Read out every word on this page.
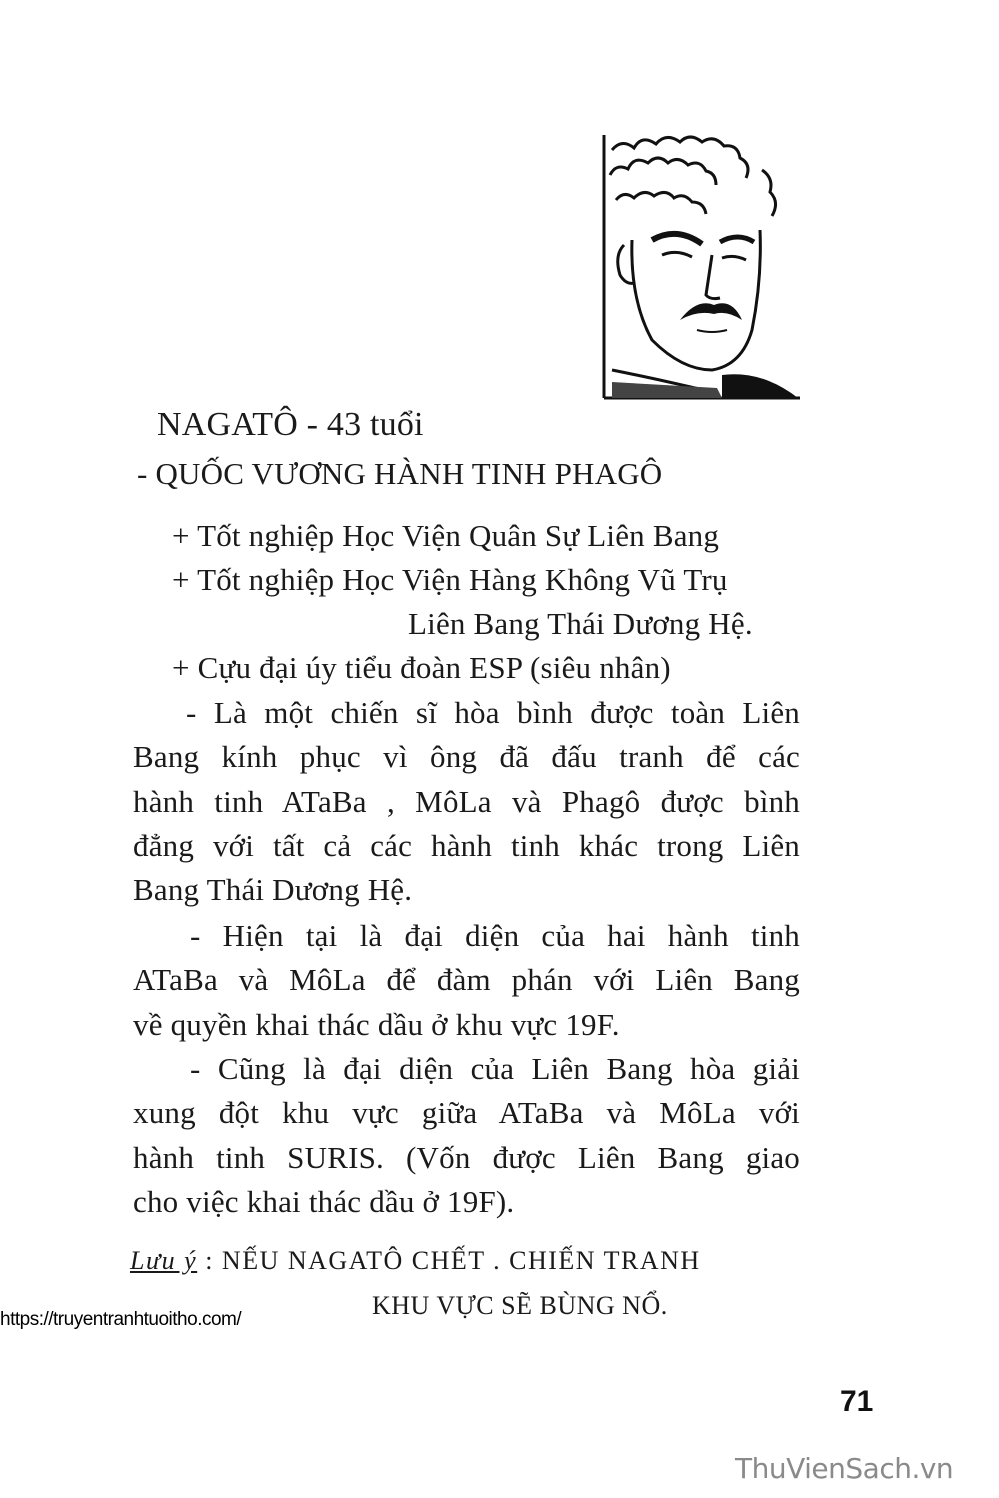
NAGATÔ - 43 tuổi
- QUỐC VƯƠNG HÀNH TINH PHAGÔ
+ Tốt nghiệp Học Viện Quân Sự Liên Bang
+ Tốt nghiệp Học Viện Hàng Không Vũ Trụ
Liên Bang Thái Dương Hệ.
+ Cựu đại úy tiểu đoàn ESP (siêu nhân)
- Là một chiến sĩ hòa bình được toàn Liên
Bang kính phục vì ông đã đấu tranh để các
hành tinh ATaBa , MôLa và Phagô được bình
đẳng với tất cả các hành tinh khác trong Liên
Bang Thái Dương Hệ.
- Hiện tại là đại diện của hai hành tinh
ATaBa và MôLa để đàm phán với Liên Bang
về quyền khai thác dầu ở khu vực 19F.
- Cũng là đại diện của Liên Bang hòa giải
xung đột khu vực giữa ATaBa và MôLa với
hành tinh SURIS. (Vốn được Liên Bang giao
cho việc khai thác dầu ở 19F).
Lưu ý : NẾU NAGATÔ CHẾT . CHIẾN TRANH
KHU VỰC SẼ BÙNG NỔ.
https://truyentranhtuoitho.com/
71
ThuVienSach.vn
